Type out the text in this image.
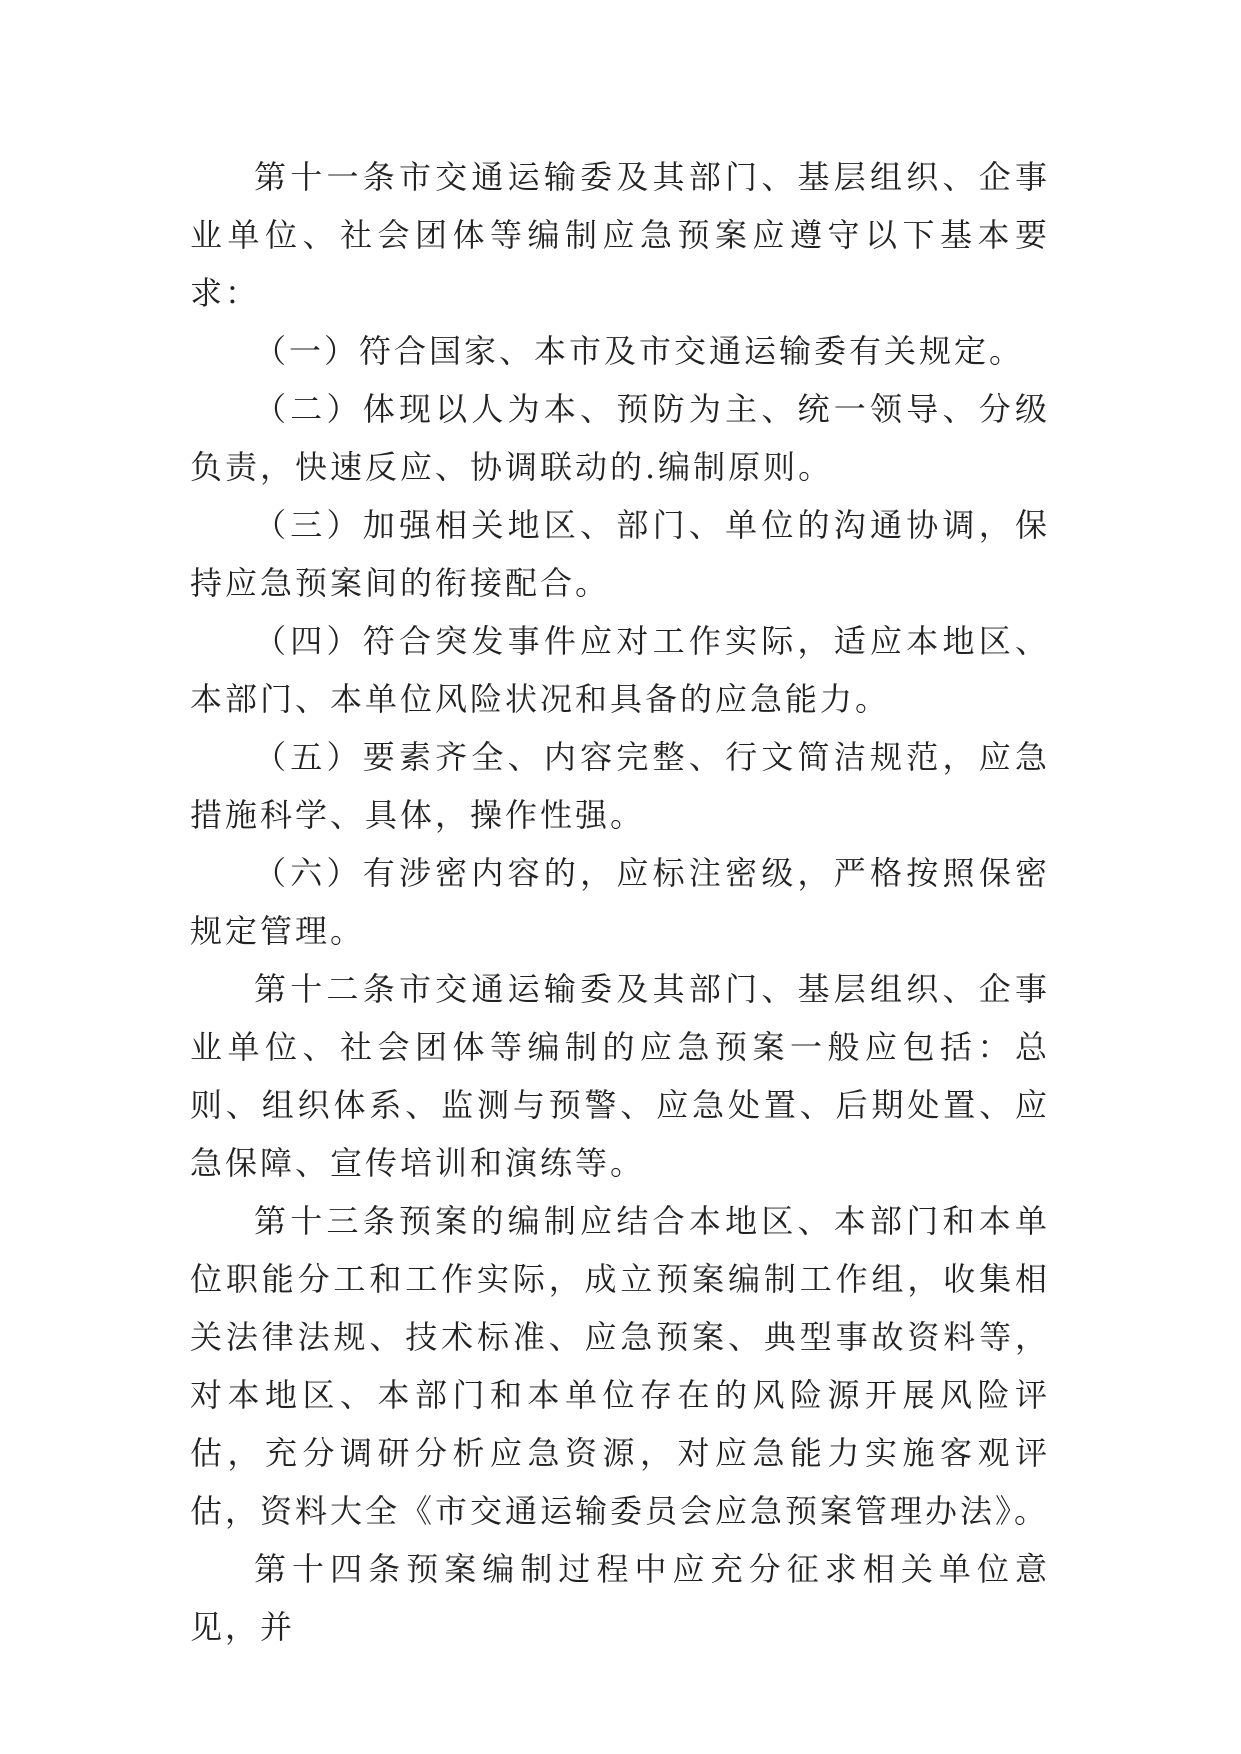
第十一条市交通运输委及其部门、基层组织、企事业单位、社会团体等编制应急预案应遵守以下基本要求：

（一）符合国家、本市及市交通运输委有关规定。

（二）体现以人为本、预防为主、统一领导、分级负责，快速反应、协调联动的.编制原则。

（三）加强相关地区、部门、单位的沟通协调，保持应急预案间的衔接配合。

（四）符合突发事件应对工作实际，适应本地区、本部门、本单位风险状况和具备的应急能力。

（五）要素齐全、内容完整、行文简洁规范，应急措施科学、具体，操作性强。

（六）有涉密内容的，应标注密级，严格按照保密规定管理。

第十二条市交通运输委及其部门、基层组织、企事业单位、社会团体等编制的应急预案一般应包括：总则、组织体系、监测与预警、应急处置、后期处置、应急保障、宣传培训和演练等。

第十三条预案的编制应结合本地区、本部门和本单位职能分工和工作实际，成立预案编制工作组，收集相关法律法规、技术标准、应急预案、典型事故资料等，对本地区、本部门和本单位存在的风险源开展风险评估，充分调研分析应急资源，对应急能力实施客观评估，资料大全《市交通运输委员会应急预案管理办法》。

第十四条预案编制过程中应充分征求相关单位意见，并
